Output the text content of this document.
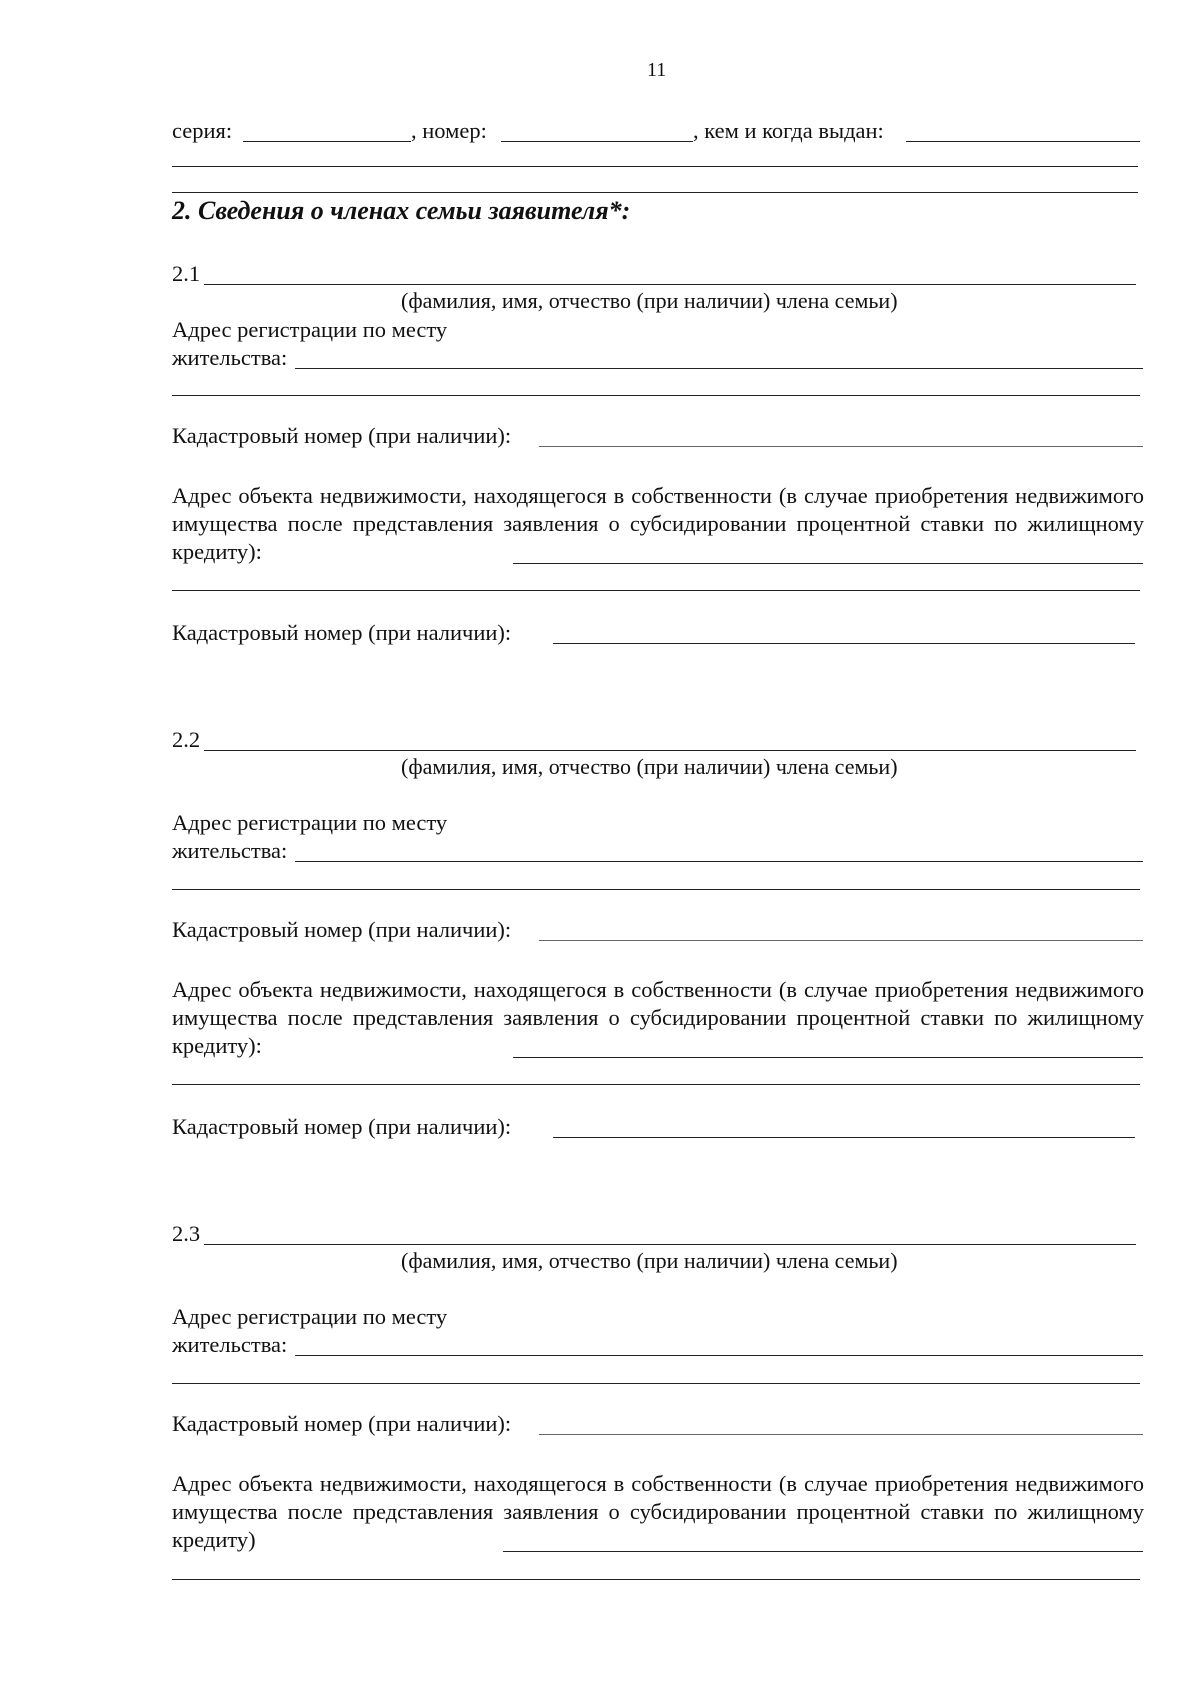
11
серия:	, номер:	, кем и когда выдан:
2. Сведения о членах семьи заявителя*:
2.1
(фамилия, имя, отчество (при наличии) члена семьи)
Адрес регистрации по месту
жительства:
Кадастровый номер (при наличии):
Адрес объекта недвижимости, находящегося в собственности (в случае приобретения недвижимого имущества после представления заявления о субсидировании процентной ставки по жилищному кредиту):
Кадастровый номер (при наличии):
2.2
(фамилия, имя, отчество (при наличии) члена семьи)
Адрес регистрации по месту
жительства:
Кадастровый номер (при наличии):
Адрес объекта недвижимости, находящегося в собственности (в случае приобретения недвижимого имущества после представления заявления о субсидировании процентной ставки по жилищному кредиту):
Кадастровый номер (при наличии):
2.3
(фамилия, имя, отчество (при наличии) члена семьи)
Адрес регистрации по месту
жительства:
Кадастровый номер (при наличии):
Адрес объекта недвижимости, находящегося в собственности (в случае приобретения недвижимого имущества после представления заявления о субсидировании процентной ставки по жилищному кредиту)
